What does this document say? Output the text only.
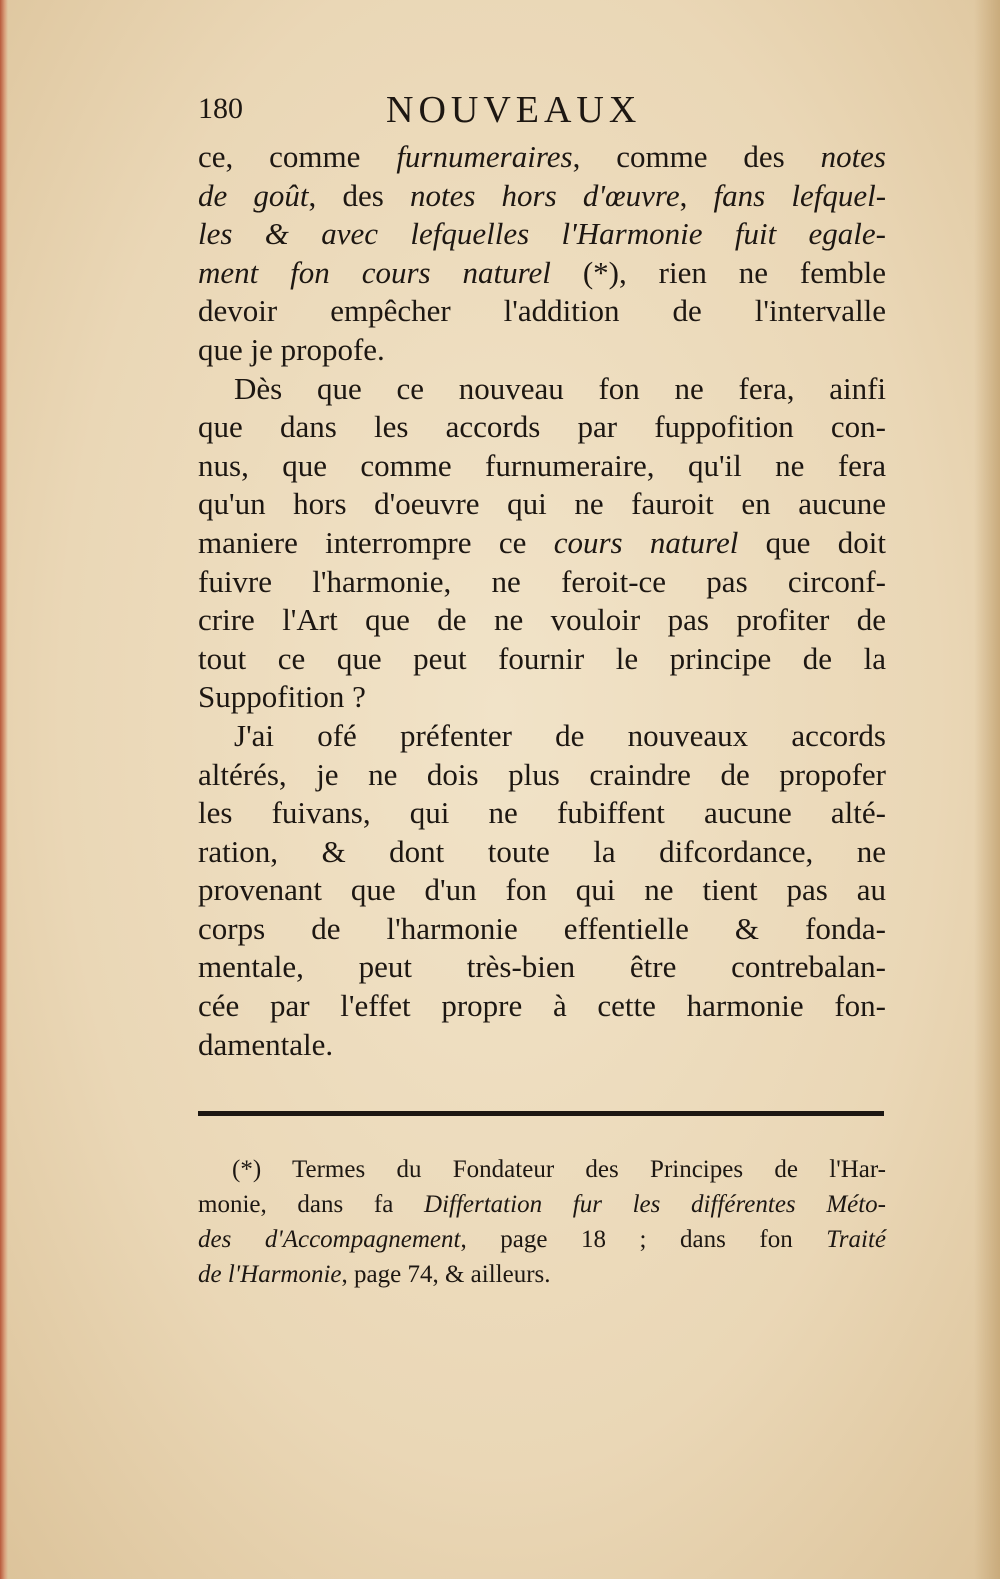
180	NOUVEAUX
ce, comme furnumeraires, comme des notes
de goût, des notes hors d'œuvre, fans lefquel-
les & avec lefquelles l'Harmonie fuit egale-
ment fon cours naturel (*), rien ne femble
devoir empêcher l'addition de l'intervalle
que je propofe.
Dès que ce nouveau fon ne fera, ainfi
que dans les accords par fuppofition con-
nus, que comme furnumeraire, qu'il ne fera
qu'un hors d'oeuvre qui ne fauroit en aucune
maniere interrompre ce cours naturel que doit
fuivre l'harmonie, ne feroit-ce pas circonf-
crire l'Art que de ne vouloir pas profiter de
tout ce que peut fournir le principe de la
Suppofition ?
J'ai ofé préfenter de nouveaux accords
altérés, je ne dois plus craindre de propofer
les fuivans, qui ne fubiffent aucune alté-
ration, & dont toute la difcordance, ne
provenant que d'un fon qui ne tient pas au
corps de l'harmonie effentielle & fonda-
mentale, peut très-bien être contrebalan-
cée par l'effet propre à cette harmonie fon-
damentale.
(*) Termes du Fondateur des Principes de l'Har-
monie, dans fa Differtation fur les différentes Méto-
des d'Accompagnement, page 18 ; dans fon Traité
de l'Harmonie, page 74, & ailleurs.
